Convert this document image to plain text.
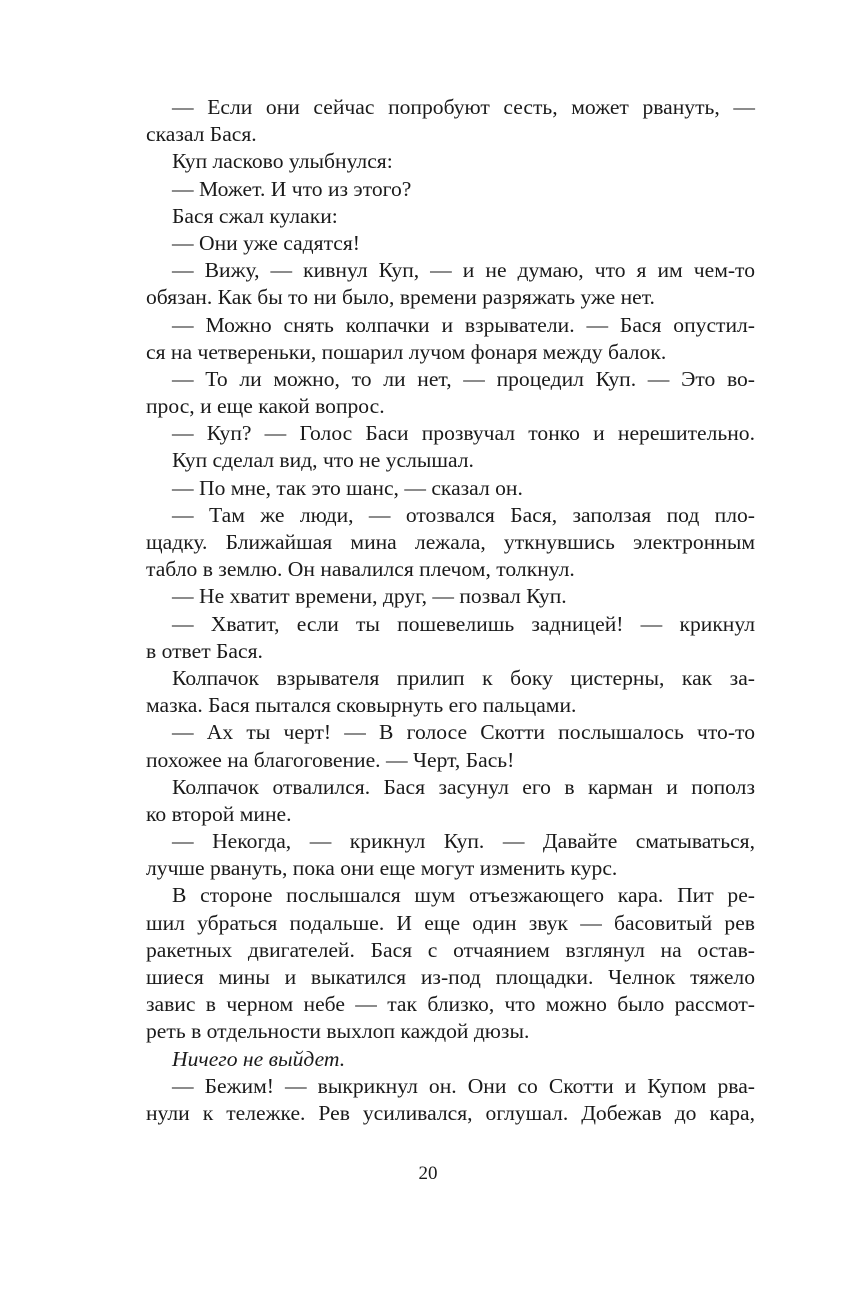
— Если они сейчас попробуют сесть, может рвануть, —
сказал Бася.
Куп ласково улыбнулся:
— Может. И что из этого?
Бася сжал кулаки:
— Они уже садятся!
— Вижу, — кивнул Куп, — и не думаю, что я им чем-то
обязан. Как бы то ни было, времени разряжать уже нет.
— Можно снять колпачки и взрыватели. — Бася опустил-
ся на четвереньки, пошарил лучом фонаря между балок.
— То ли можно, то ли нет, — процедил Куп. — Это во-
прос, и еще какой вопрос.
— Куп? — Голос Баси прозвучал тонко и нерешительно.
Куп сделал вид, что не услышал.
— По мне, так это шанс, — сказал он.
— Там же люди, — отозвался Бася, заползая под пло-
щадку. Ближайшая мина лежала, уткнувшись электронным
табло в землю. Он навалился плечом, толкнул.
— Не хватит времени, друг, — позвал Куп.
— Хватит, если ты пошевелишь задницей! — крикнул
в ответ Бася.
Колпачок взрывателя прилип к боку цистерны, как за-
мазка. Бася пытался сковырнуть его пальцами.
— Ах ты черт! — В голосе Скотти послышалось что-то
похожее на благоговение. — Черт, Бась!
Колпачок отвалился. Бася засунул его в карман и пополз
ко второй мине.
— Некогда, — крикнул Куп. — Давайте сматываться,
лучше рвануть, пока они еще могут изменить курс.
В стороне послышался шум отъезжающего кара. Пит ре-
шил убраться подальше. И еще один звук — басовитый рев
ракетных двигателей. Бася с отчаянием взглянул на остав-
шиеся мины и выкатился из-под площадки. Челнок тяжело
завис в черном небе — так близко, что можно было рассмот-
реть в отдельности выхлоп каждой дюзы.
Ничего не выйдет.
— Бежим! — выкрикнул он. Они со Скотти и Купом рва-
нули к тележке. Рев усиливался, оглушал. Добежав до кара,
20
